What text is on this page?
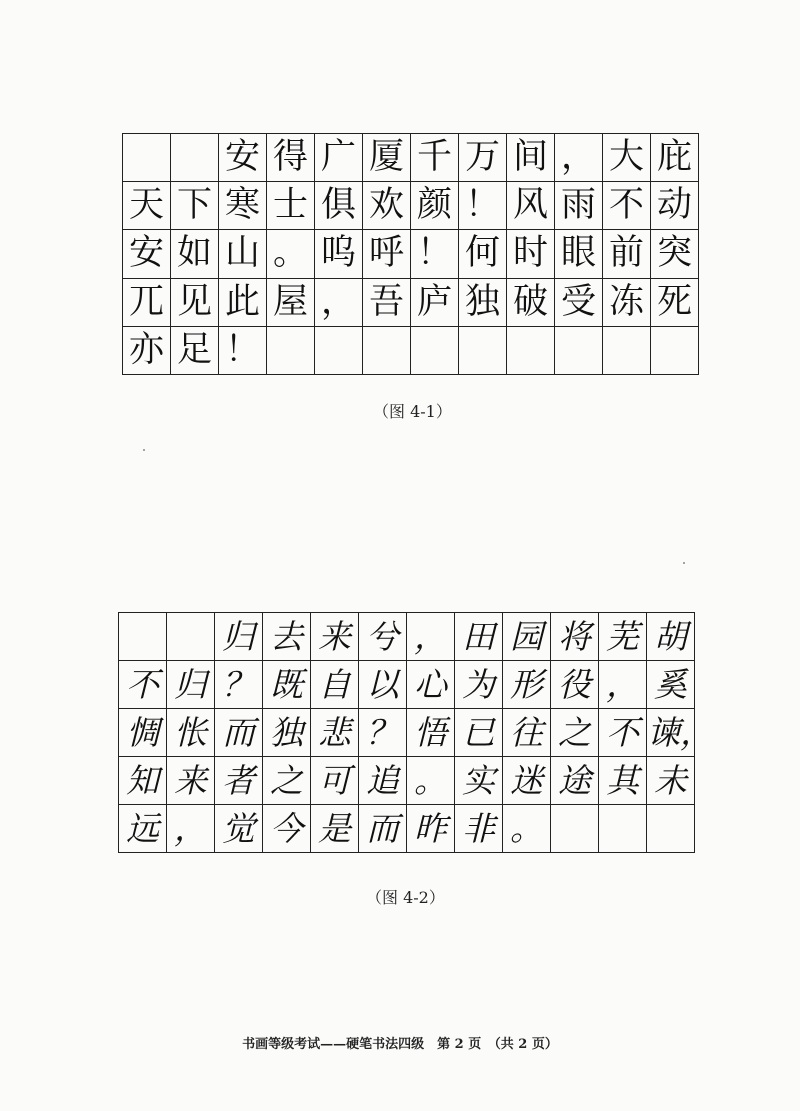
		安	得	广	厦	千	万	间	，	大	庇
天	下	寒	士	俱	欢	颜	！	风	雨	不	动
安	如	山	。	呜	呼	！	何	时	眼	前	突
兀	见	此	屋	，	吾	庐	独	破	受	冻	死
亦	足	！									
（图 4-1）
		归	去	来	兮	，	田	园	将	芜	胡
不	归	？	既	自	以	心	为	形	役	，	奚
惆	怅	而	独	悲	？	悟	已	往	之	不	谏，
知	来	者	之	可	追	。	实	迷	途	其	未
远	，	觉	今	是	而	昨	非	。			
（图 4-2）
书画等级考试——硬笔书法四级　第 2 页　（共 2 页）
